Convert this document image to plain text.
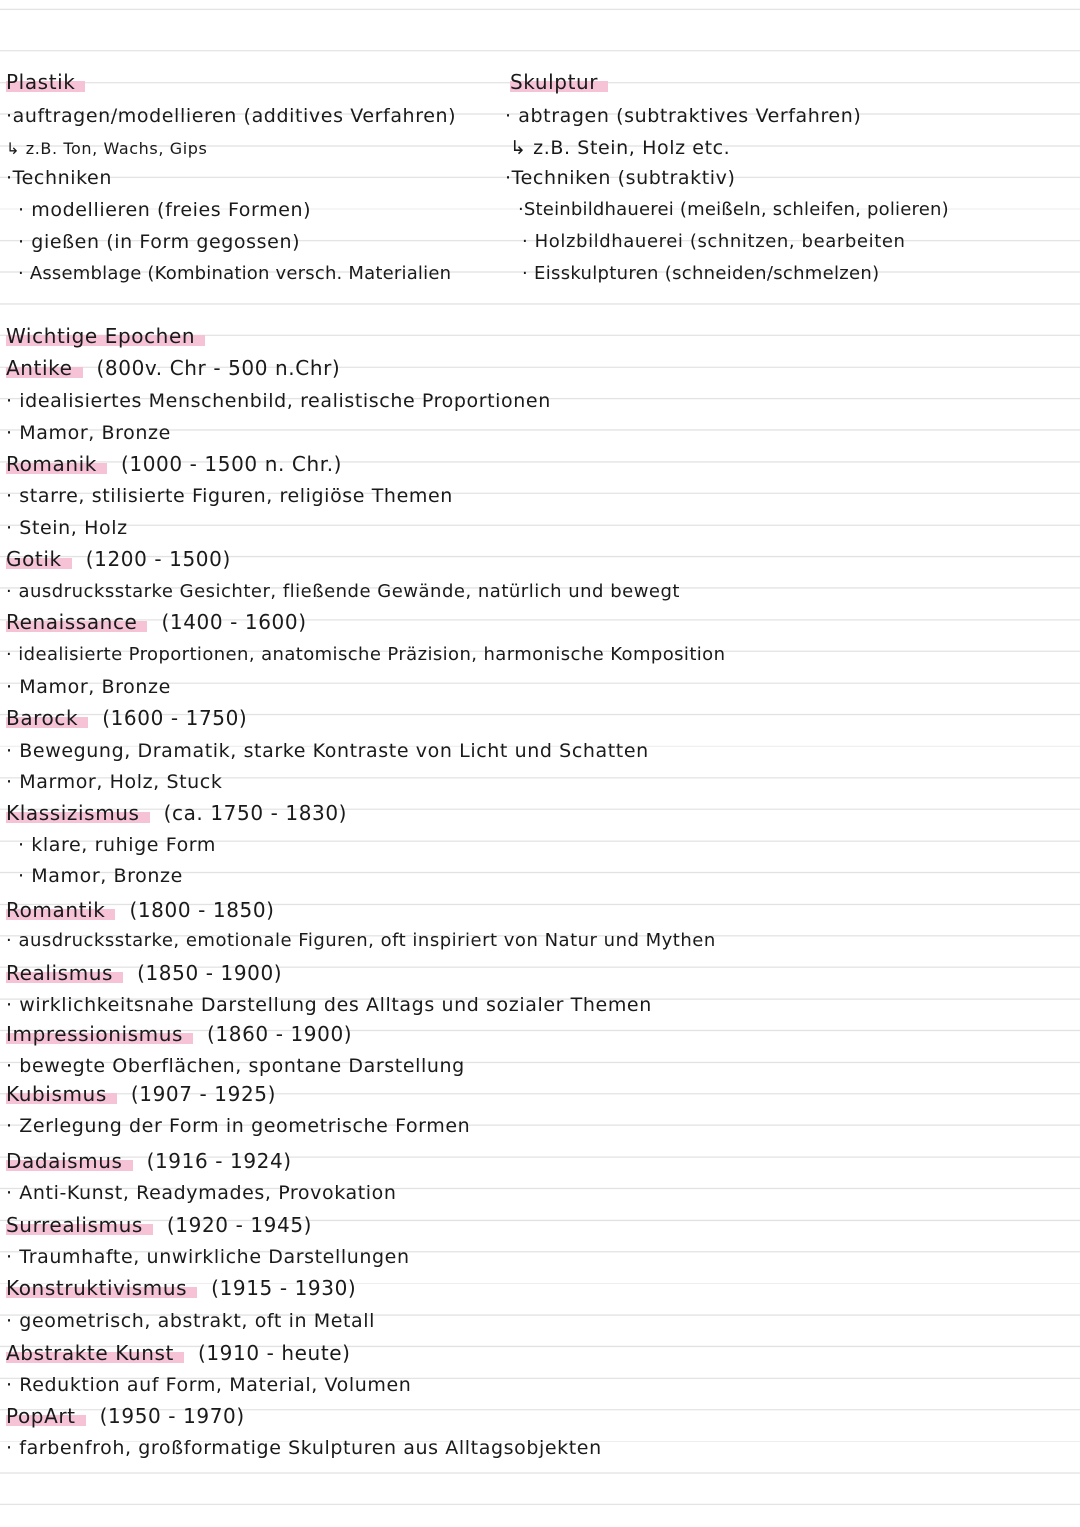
Plastik
·auftragen/modellieren (additives Verfahren)
↳ z.B. Ton, Wachs, Gips
·Techniken
· modellieren (freies Formen)
· gießen (in Form gegossen)
· Assemblage (Kombination versch. Materialien
Skulptur
· abtragen (subtraktives Verfahren)
↳ z.B. Stein, Holz etc.
·Techniken (subtraktiv)
·Steinbildhauerei (meißeln, schleifen, polieren)
· Holzbildhauerei (schnitzen, bearbeiten
· Eisskulpturen (schneiden/schmelzen)
Wichtige Epochen
Antike (800v. Chr - 500 n.Chr)
· idealisiertes Menschenbild, realistische Proportionen
· Mamor, Bronze
Romanik (1000 - 1500 n. Chr.)
· starre, stilisierte Figuren, religiöse Themen
· Stein, Holz
Gotik (1200 - 1500)
· ausdrucksstarke Gesichter, fließende Gewände, natürlich und bewegt
Renaissance (1400 - 1600)
· idealisierte Proportionen, anatomische Präzision, harmonische Komposition
· Mamor, Bronze
Barock (1600 - 1750)
· Bewegung, Dramatik, starke Kontraste von Licht und Schatten
· Marmor, Holz, Stuck
Klassizismus (ca. 1750 - 1830)
· klare, ruhige Form
· Mamor, Bronze
Romantik (1800 - 1850)
· ausdrucksstarke, emotionale Figuren, oft inspiriert von Natur und Mythen
Realismus (1850 - 1900)
· wirklichkeitsnahe Darstellung des Alltags und sozialer Themen
Impressionismus (1860 - 1900)
· bewegte Oberflächen, spontane Darstellung
Kubismus (1907 - 1925)
· Zerlegung der Form in geometrische Formen
Dadaismus (1916 - 1924)
· Anti-Kunst, Readymades, Provokation
Surrealismus (1920 - 1945)
· Traumhafte, unwirkliche Darstellungen
Konstruktivismus (1915 - 1930)
· geometrisch, abstrakt, oft in Metall
Abstrakte Kunst (1910 - heute)
· Reduktion auf Form, Material, Volumen
PopArt (1950 - 1970)
· farbenfroh, großformatige Skulpturen aus Alltagsobjekten
